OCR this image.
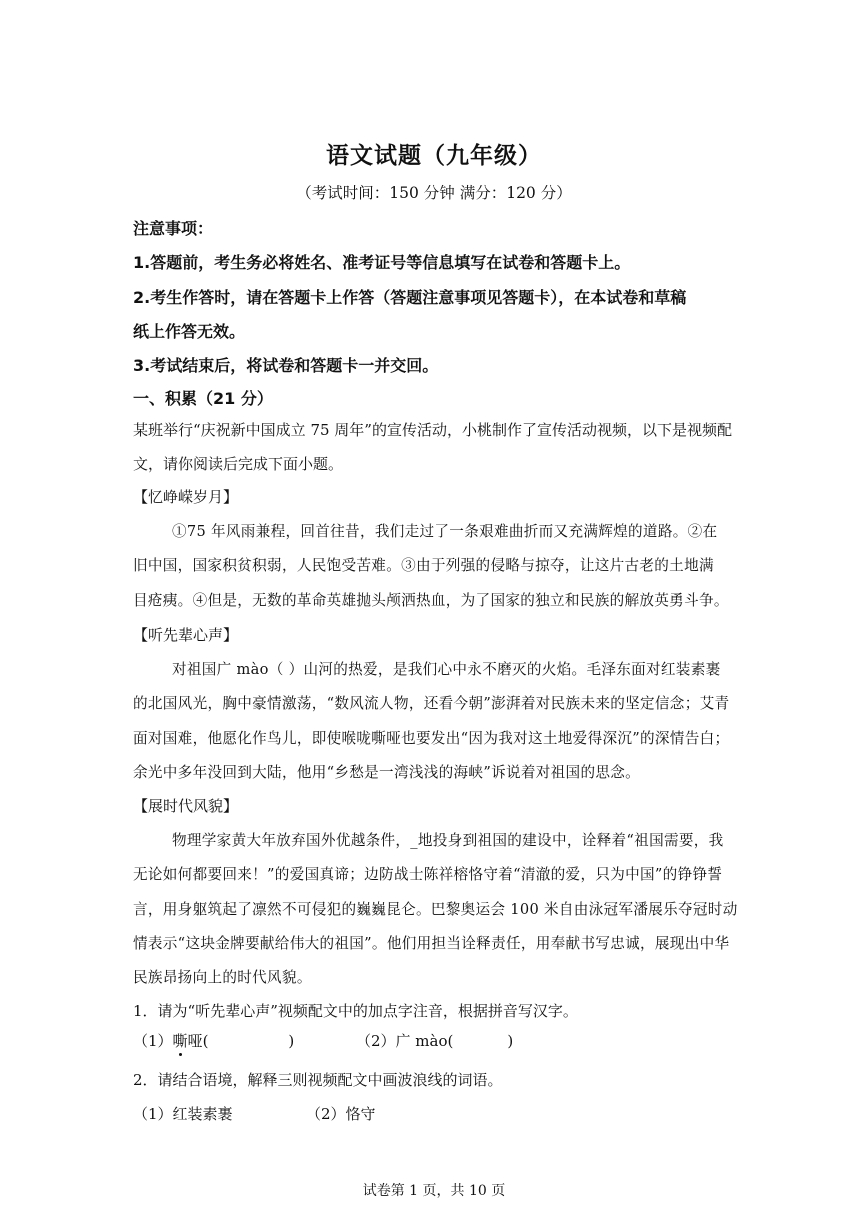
语文试题（九年级）
（考试时间：150 分钟 满分：120 分）
注意事项：
1.答题前，考生务必将姓名、准考证号等信息填写在试卷和答题卡上。
2.考生作答时，请在答题卡上作答（答题注意事项见答题卡），在本试卷和草稿
纸上作答无效。
3.考试结束后，将试卷和答题卡一并交回。
一、积累（21 分）
某班举行“庆祝新中国成立 75 周年”的宣传活动，小桃制作了宣传活动视频，以下是视频配
文，请你阅读后完成下面小题。
【忆峥嵘岁月】
①75 年风雨兼程，回首往昔，我们走过了一条艰难曲折而又充满辉煌的道路。②在
旧中国，国家积贫积弱，人民饱受苦难。③由于列强的侵略与掠夺，让这片古老的土地满
目疮痍。④但是，无数的革命英雄抛头颅洒热血，为了国家的独立和民族的解放英勇斗争。
【听先辈心声】
对祖国广 mào（ ）山河的热爱，是我们心中永不磨灭的火焰。毛泽东面对红装素裹
的北国风光，胸中豪情激荡，“数风流人物，还看今朝”澎湃着对民族未来的坚定信念；艾青
面对国难，他愿化作鸟儿，即使喉咙嘶哑也要发出“因为我对这土地爱得深沉”的深情告白；
余光中多年没回到大陆，他用“乡愁是一湾浅浅的海峡”诉说着对祖国的思念。
【展时代风貌】
物理学家黄大年放弃国外优越条件，_地投身到祖国的建设中，诠释着“祖国需要，我
无论如何都要回来！”的爱国真谛；边防战士陈祥榕恪守着“清澈的爱，只为中国”的铮铮誓
言，用身躯筑起了凛然不可侵犯的巍巍昆仑。巴黎奥运会 100 米自由泳冠军潘展乐夺冠时动
情表示“这块金牌要献给伟大的祖国”。他们用担当诠释责任，用奉献书写忠诚，展现出中华
民族昂扬向上的时代风貌。
1．请为“听先辈心声”视频配文中的加点字注音，根据拼音写汉字。
（1）嘶哑(	)	（2）广 mào(	)
2．请结合语境，解释三则视频配文中画波浪线的词语。
（1）红装素裹	（2）恪守
试卷第 1 页，共 10 页
